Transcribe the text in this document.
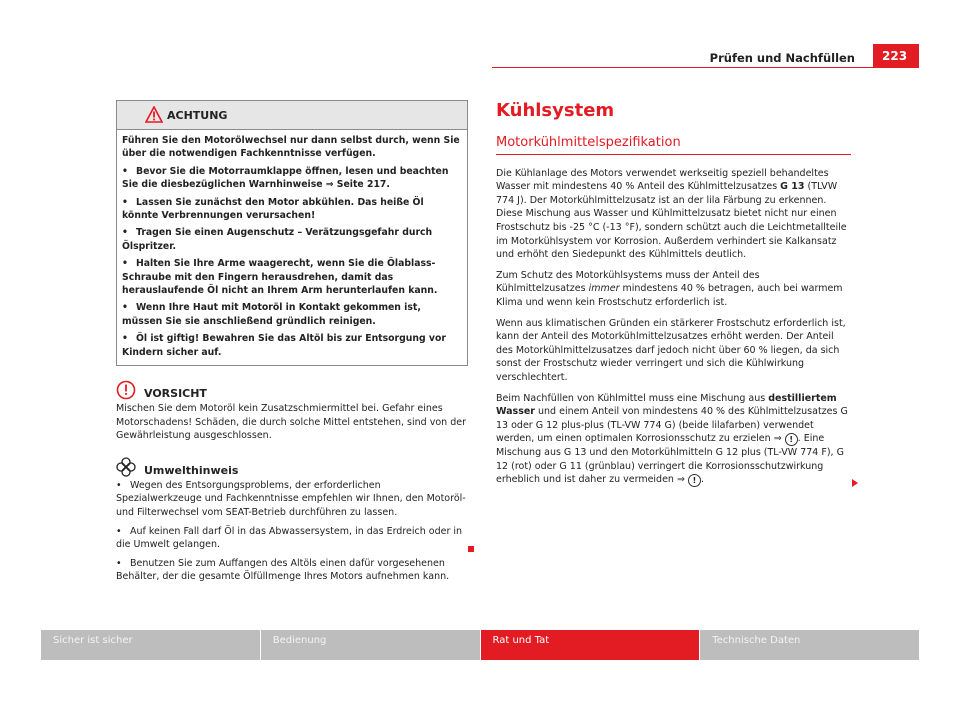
Prüfen und Nachfüllen	223
ACHTUNG

Führen Sie den Motorölwechsel nur dann selbst durch, wenn Sie über die notwendigen Fachkenntnisse verfügen.

• Bevor Sie die Motorraumklappe öffnen, lesen und beachten Sie die diesbezüglichen Warnhinweise ⇒ Seite 217.

• Lassen Sie zunächst den Motor abkühlen. Das heiße Öl könnte Verbrennungen verursachen!

• Tragen Sie einen Augenschutz – Verätzungsgefahr durch Ölspritzer.

• Halten Sie Ihre Arme waagerecht, wenn Sie die Ölablass-Schraube mit den Fingern herausdrehen, damit das herauslaufende Öl nicht an Ihrem Arm herunterlaufen kann.

• Wenn Ihre Haut mit Motoröl in Kontakt gekommen ist, müssen Sie sie anschließend gründlich reinigen.

• Öl ist giftig! Bewahren Sie das Altöl bis zur Entsorgung vor Kindern sicher auf.

VORSICHT

Mischen Sie dem Motoröl kein Zusatzschmiermittel bei. Gefahr eines Motorschadens! Schäden, die durch solche Mittel entstehen, sind von der Gewährleistung ausgeschlossen.

Umwelthinweis

• Wegen des Entsorgungsproblems, der erforderlichen Spezialwerkzeuge und Fachkenntnisse empfehlen wir Ihnen, den Motoröl- und Filterwechsel vom SEAT-Betrieb durchführen zu lassen.

• Auf keinen Fall darf Öl in das Abwassersystem, in das Erdreich oder in die Umwelt gelangen.

• Benutzen Sie zum Auffangen des Altöls einen dafür vorgesehenen Behälter, der die gesamte Ölfüllmenge Ihres Motors aufnehmen kann.

Kühlsystem
Motorkühlmittelspezifikation

Die Kühlanlage des Motors verwendet werkseitig speziell behandeltes Wasser mit mindestens 40 % Anteil des Kühlmittelzusatzes G 13 (TLVW 774 J). Der Motorkühlmittelzusatz ist an der lila Färbung zu erkennen. Diese Mischung aus Wasser und Kühlmittelzusatz bietet nicht nur einen Frostschutz bis -25 °C (-13 °F), sondern schützt auch die Leichtmetallteile im Motorkühlsystem vor Korrosion. Außerdem verhindert sie Kalkansatz und erhöht den Siedepunkt des Kühlmittels deutlich.

Zum Schutz des Motorkühlsystems muss der Anteil des Kühlmittelzusatzes immer mindestens 40 % betragen, auch bei warmem Klima und wenn kein Frostschutz erforderlich ist.

Wenn aus klimatischen Gründen ein stärkerer Frostschutz erforderlich ist, kann der Anteil des Motorkühlmittelzusatzes erhöht werden. Der Anteil des Motorkühlmittelzusatzes darf jedoch nicht über 60 % liegen, da sich sonst der Frostschutz wieder verringert und sich die Kühlwirkung verschlechtert.

Beim Nachfüllen von Kühlmittel muss eine Mischung aus destilliertem Wasser und einem Anteil von mindestens 40 % des Kühlmittelzusatzes G 13 oder G 12 plus-plus (TL-VW 774 G) (beide lilafarben) verwendet werden, um einen optimalen Korrosionsschutz zu erzielen ⇒ ! . Eine Mischung aus G 13 und den Motorkühlmitteln G 12 plus (TL-VW 774 F), G 12 (rot) oder G 11 (grünblau) verringert die Korrosionsschutzwirkung erheblich und ist daher zu vermeiden ⇒ ! .

Sicher ist sicher	Bedienung	Rat und Tat	Technische Daten
